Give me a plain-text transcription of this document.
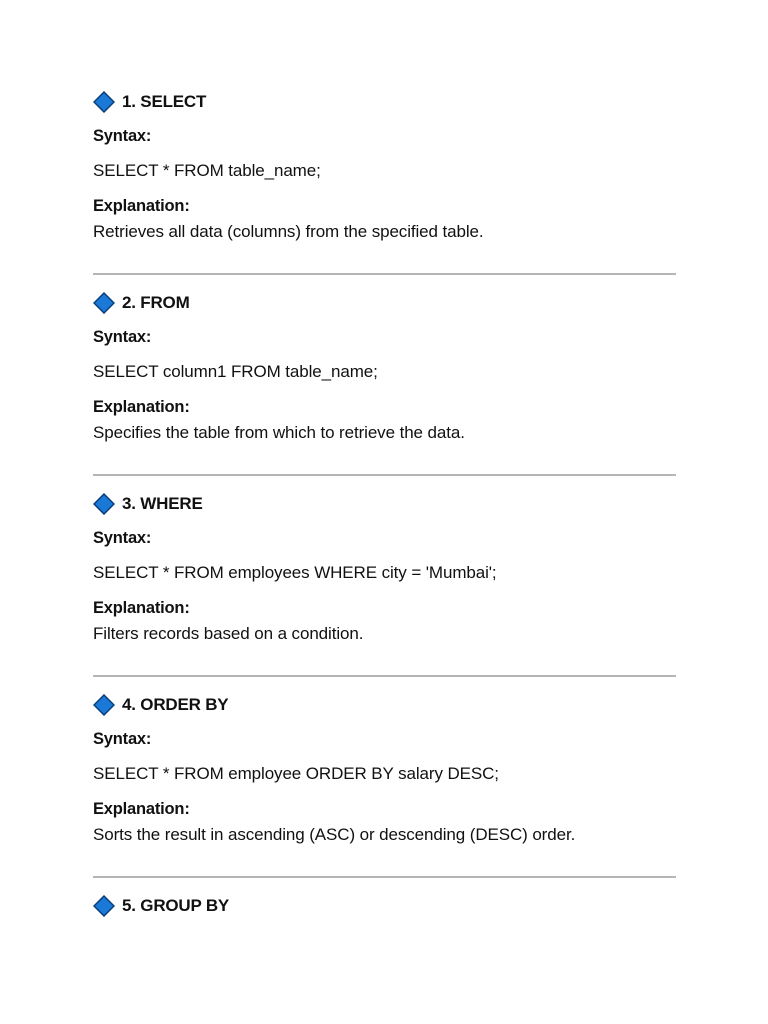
1. SELECT
Syntax:
SELECT * FROM table_name;
Explanation:
Retrieves all data (columns) from the specified table.
2. FROM
Syntax:
SELECT column1 FROM table_name;
Explanation:
Specifies the table from which to retrieve the data.
3. WHERE
Syntax:
SELECT * FROM employees WHERE city = 'Mumbai';
Explanation:
Filters records based on a condition.
4. ORDER BY
Syntax:
SELECT * FROM employee ORDER BY salary DESC;
Explanation:
Sorts the result in ascending (ASC) or descending (DESC) order.
5. GROUP BY
